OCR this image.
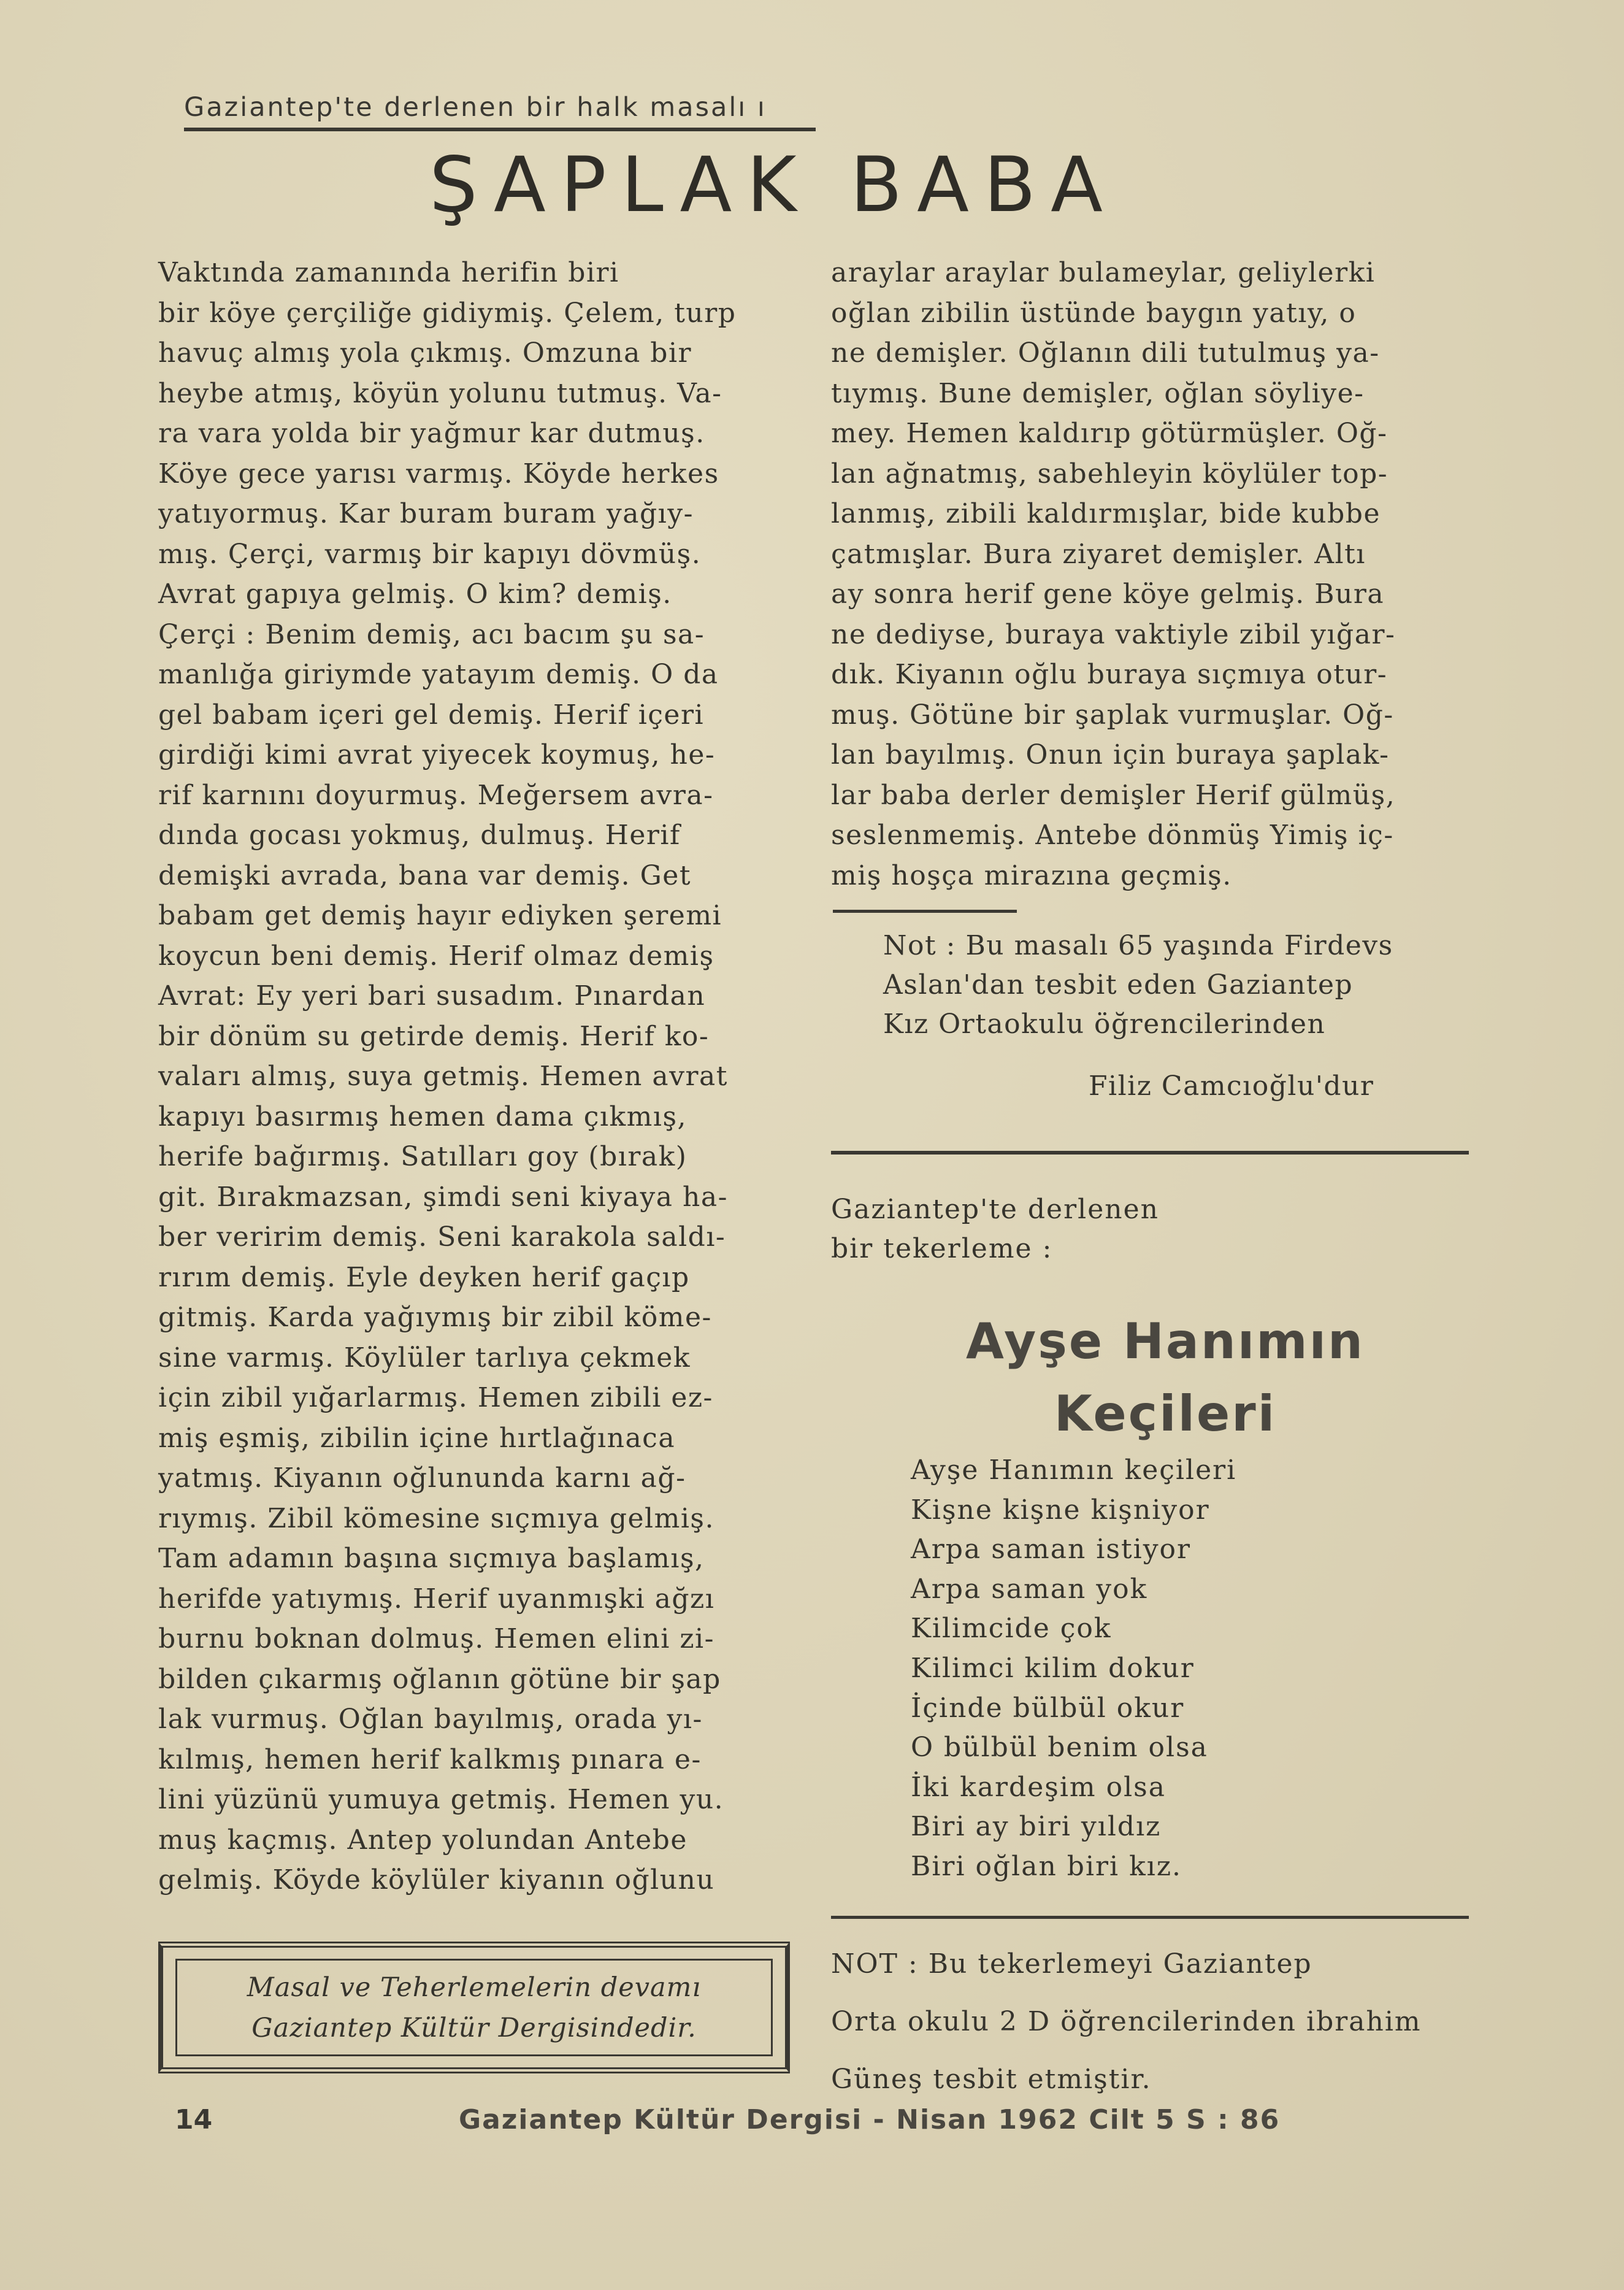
Gaziantep'te derlenen bir halk masalı ı
ŞAPLAK BABA
Vaktında zamanında herifin biri
bir köye çerçiliğe gidiymiş. Çelem, turp
havuç almış yola çıkmış. Omzuna bir
heybe atmış, köyün yolunu tutmuş. Va-
ra vara yolda bir yağmur kar dutmuş.
Köye gece yarısı varmış. Köyde herkes
yatıyormuş. Kar buram buram yağıy-
mış. Çerçi, varmış bir kapıyı dövmüş.
Avrat gapıya gelmiş. O kim? demiş.
Çerçi : Benim demiş, acı bacım şu sa-
manlığa giriymde yatayım demiş. O da
gel babam içeri gel demiş. Herif içeri
girdiği kimi avrat yiyecek koymuş, he-
rif karnını doyurmuş. Meğersem avra-
dında gocası yokmuş, dulmuş. Herif
demişki avrada, bana var demiş. Get
babam get demiş hayır ediyken şeremi
koycun beni demiş. Herif olmaz demiş
Avrat: Ey yeri bari susadım. Pınardan
bir dönüm su getirde demiş. Herif ko-
vaları almış, suya getmiş. Hemen avrat
kapıyı basırmış hemen dama çıkmış,
herife bağırmış. Satılları goy (bırak)
git. Bırakmazsan, şimdi seni kiyaya ha-
ber veririm demiş. Seni karakola saldı-
rırım demiş. Eyle deyken herif gaçıp
gitmiş. Karda yağıymış bir zibil köme-
sine varmış. Köylüler tarlıya çekmek
için zibil yığarlarmış. Hemen zibili ez-
miş eşmiş, zibilin içine hırtlağınaca
yatmış. Kiyanın oğlununda karnı ağ-
rıymış. Zibil kömesine sıçmıya gelmiş.
Tam adamın başına sıçmıya başlamış,
herifde yatıymış. Herif uyanmışki ağzı
burnu boknan dolmuş. Hemen elini zi-
bilden çıkarmış oğlanın götüne bir şap
lak vurmuş. Oğlan bayılmış, orada yı-
kılmış, hemen herif kalkmış pınara e-
lini yüzünü yumuya getmiş. Hemen yu.
muş kaçmış. Antep yolundan Antebe
gelmiş. Köyde köylüler kiyanın oğlunu
araylar araylar bulameylar, geliylerki
oğlan zibilin üstünde baygın yatıy, o
ne demişler. Oğlanın dili tutulmuş ya-
tıymış. Bune demişler, oğlan söyliye-
mey. Hemen kaldırıp götürmüşler. Oğ-
lan ağnatmış, sabehleyin köylüler top-
lanmış, zibili kaldırmışlar, bide kubbe
çatmışlar. Bura ziyaret demişler. Altı
ay sonra herif gene köye gelmiş. Bura
ne dediyse, buraya vaktiyle zibil yığar-
dık. Kiyanın oğlu buraya sıçmıya otur-
muş. Götüne bir şaplak vurmuşlar. Oğ-
lan bayılmış. Onun için buraya şaplak-
lar baba derler demişler Herif gülmüş,
seslenmemiş. Antebe dönmüş Yimiş iç-
miş hoşça mirazına geçmiş.
Not : Bu masalı 65 yaşında Firdevs
Aslan'dan tesbit eden Gaziantep
Kız Ortaokulu öğrencilerinden
Filiz Camcıoğlu'dur
Gaziantep'te derlenen
bir tekerleme :
Ayşe Hanımın
Keçileri
Ayşe Hanımın keçileri
Kişne kişne kişniyor
Arpa saman istiyor
Arpa saman yok
Kilimcide çok
Kilimci kilim dokur
İçinde bülbül okur
O bülbül benim olsa
İki kardeşim olsa
Biri ay biri yıldız
Biri oğlan biri kız.
NOT : Bu tekerlemeyi Gaziantep
Orta okulu 2 D öğrencilerinden ibrahim
Güneş tesbit etmiştir.
Masal ve Teherlemelerin devamı
Gaziantep Kültür Dergisindedir.
14	Gaziantep Kültür Dergisi - Nisan 1962 Cilt 5 S : 86
